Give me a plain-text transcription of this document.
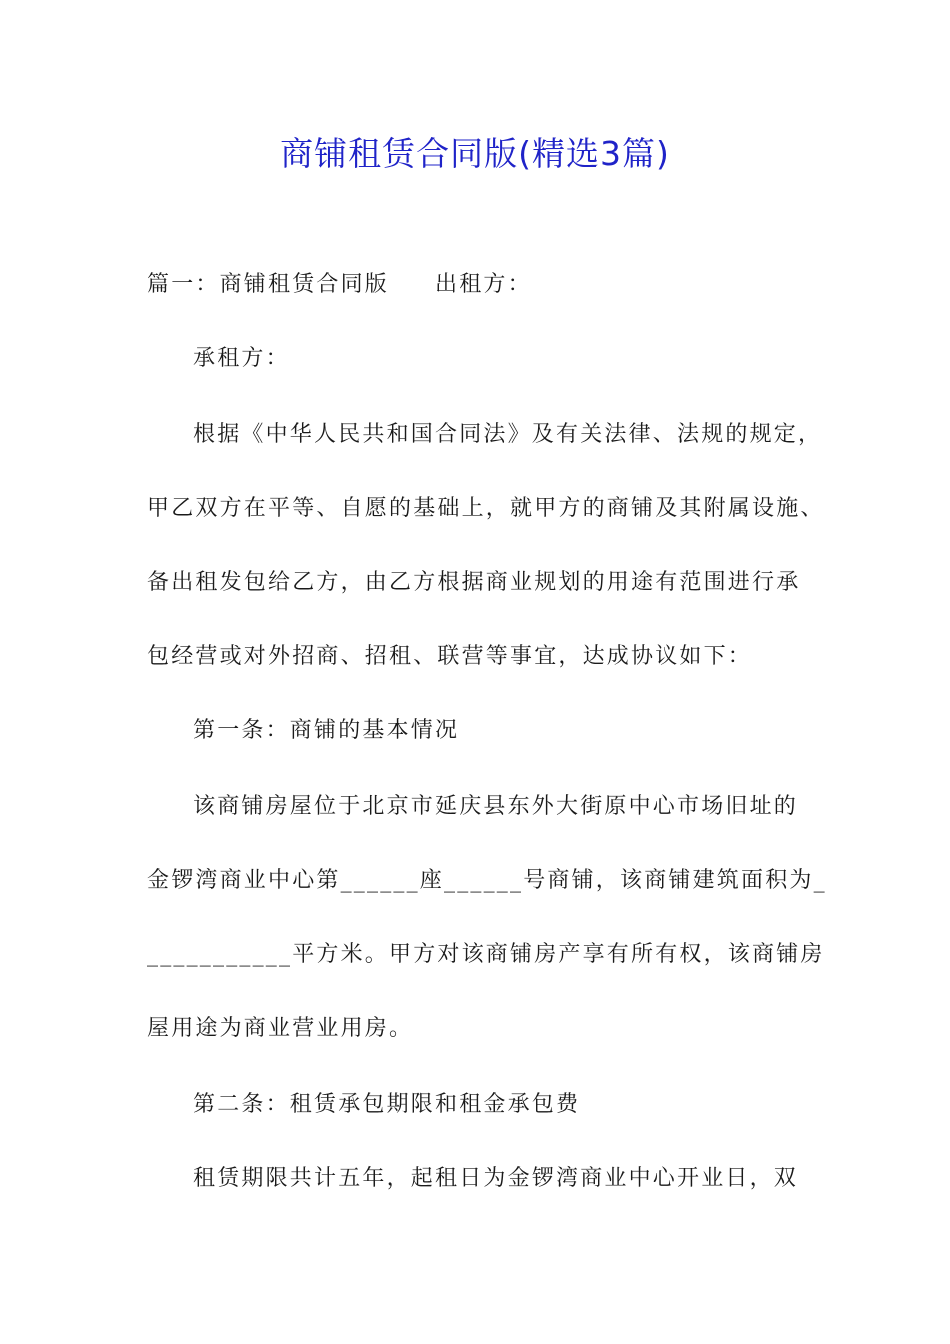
商铺租赁合同版(精选3篇)
篇一：商铺租赁合同版 出租方：
承租方：
根据《中华人民共和国合同法》及有关法律、法规的规定，
甲乙双方在平等、自愿的基础上，就甲方的商铺及其附属设施、
备出租发包给乙方，由乙方根据商业规划的用途有范围进行承
包经营或对外招商、招租、联营等事宜，达成协议如下：
第一条：商铺的基本情况
该商铺房屋位于北京市延庆县东外大街原中心市场旧址的
金锣湾商业中心第______座______号商铺，该商铺建筑面积为_
___________平方米。甲方对该商铺房产享有所有权，该商铺房
屋用途为商业营业用房。
第二条：租赁承包期限和租金承包费
租赁期限共计五年，起租日为金锣湾商业中心开业日，双
